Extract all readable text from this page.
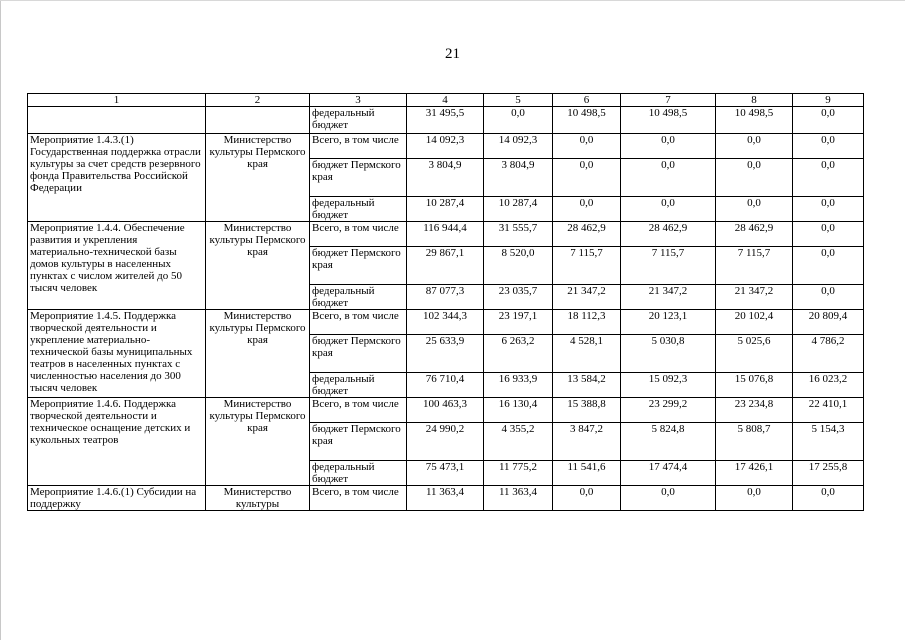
21
1	2	3	4	5	6	7	8	9
		федеральный бюджет	31 495,5	0,0	10 498,5	10 498,5	10 498,5	0,0
Мероприятие 1.4.3.(1) Государственная поддержка отрасли культуры за счет средств резервного фонда Правительства Российской Федерации	Министерство культуры Пермского края	Всего, в том числе	14 092,3	14 092,3	0,0	0,0	0,0	0,0
		бюджет Пермского края	3 804,9	3 804,9	0,0	0,0	0,0	0,0
		федеральный бюджет	10 287,4	10 287,4	0,0	0,0	0,0	0,0
Мероприятие 1.4.4. Обеспечение развития и укрепления материально-технической базы домов культуры в населенных пунктах с числом жителей до 50 тысяч человек	Министерство культуры Пермского края	Всего, в том числе	116 944,4	31 555,7	28 462,9	28 462,9	28 462,9	0,0
		бюджет Пермского края	29 867,1	8 520,0	7 115,7	7 115,7	7 115,7	0,0
		федеральный бюджет	87 077,3	23 035,7	21 347,2	21 347,2	21 347,2	0,0
Мероприятие 1.4.5. Поддержка творческой деятельности и укрепление материально-технической базы муниципальных театров в населенных пунктах с численностью населения до 300 тысяч человек	Министерство культуры Пермского края	Всего, в том числе	102 344,3	23 197,1	18 112,3	20 123,1	20 102,4	20 809,4
		бюджет Пермского края	25 633,9	6 263,2	4 528,1	5 030,8	5 025,6	4 786,2
		федеральный бюджет	76 710,4	16 933,9	13 584,2	15 092,3	15 076,8	16 023,2
Мероприятие 1.4.6. Поддержка творческой деятельности и техническое оснащение детских и кукольных театров	Министерство культуры Пермского края	Всего, в том числе	100 463,3	16 130,4	15 388,8	23 299,2	23 234,8	22 410,1
		бюджет Пермского края	24 990,2	4 355,2	3 847,2	5 824,8	5 808,7	5 154,3
		федеральный бюджет	75 473,1	11 775,2	11 541,6	17 474,4	17 426,1	17 255,8
Мероприятие 1.4.6.(1) Субсидии на поддержку	Министерство культуры	Всего, в том числе	11 363,4	11 363,4	0,0	0,0	0,0	0,0
